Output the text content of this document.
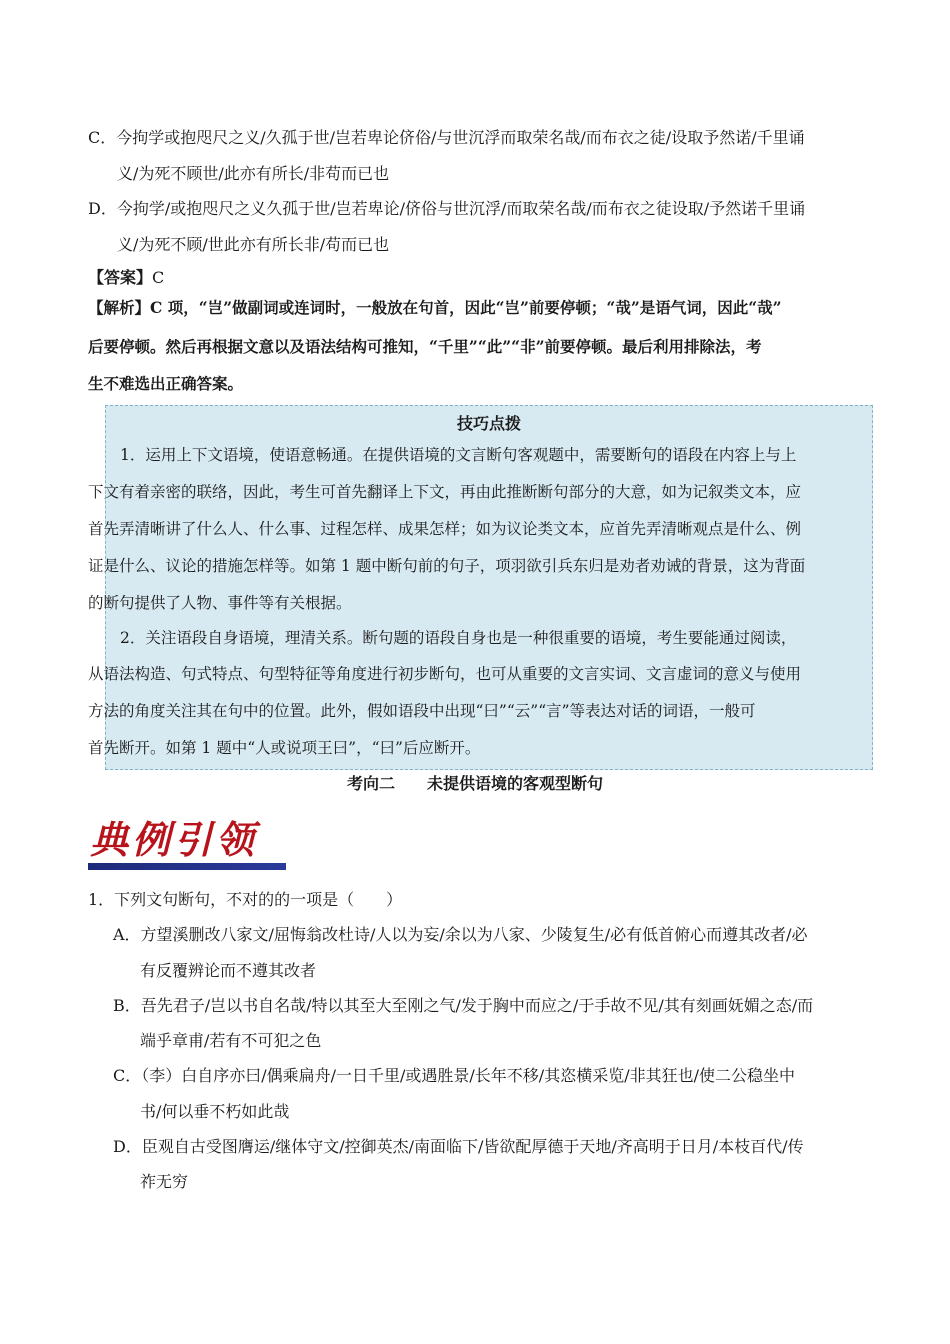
C．今拘学或抱咫尺之义/久孤于世/岂若卑论侪俗/与世沉浮而取荣名哉/而布衣之徒/设取予然诺/千里诵
义/为死不顾世/此亦有所长/非苟而已也
D．今拘学/或抱咫尺之义久孤于世/岂若卑论/侪俗与世沉浮/而取荣名哉/而布衣之徒设取/予然诺千里诵
义/为死不顾/世此亦有所长非/苟而已也
【答案】C
【解析】C 项，“岂”做副词或连词时，一般放在句首，因此“岂”前要停顿；“哉”是语气词，因此“哉”
后要停顿。然后再根据文意以及语法结构可推知，“千里”“此”“非”前要停顿。最后利用排除法，考
生不难选出正确答案。
技巧点拨
1．运用上下文语境，使语意畅通。在提供语境的文言断句客观题中，需要断句的语段在内容上与上
下文有着亲密的联络，因此，考生可首先翻译上下文，再由此推断断句部分的大意，如为记叙类文本，应
首先弄清晰讲了什么人、什么事、过程怎样、成果怎样；如为议论类文本，应首先弄清晰观点是什么、例
证是什么、议论的措施怎样等。如第 1 题中断句前的句子，项羽欲引兵东归是劝者劝诫的背景，这为背面
的断句提供了人物、事件等有关根据。
2．关注语段自身语境，理清关系。断句题的语段自身也是一种很重要的语境，考生要能通过阅读，
从语法构造、句式特点、句型特征等角度进行初步断句，也可从重要的文言实词、文言虚词的意义与使用
方法的角度关注其在句中的位置。此外，假如语段中出现“曰”“云”“言”等表达对话的词语，一般可
首先断开。如第 1 题中“人或说项王曰”，“曰”后应断开。
考向二　　未提供语境的客观型断句
典例引领
1．下列文句断句，不对的的一项是（　　）
A．方望溪删改八家文/屈悔翁改杜诗/人以为妄/余以为八家、少陵复生/必有低首俯心而遵其改者/必
有反覆辨论而不遵其改者
B．吾先君子/岂以书自名哉/特以其至大至刚之气/发于胸中而应之/于手故不见/其有刻画妩媚之态/而
端乎章甫/若有不可犯之色
C．（李）白自序亦曰/偶乘扁舟/一日千里/或遇胜景/长年不移/其恣横采览/非其狂也/使二公稳坐中
书/何以垂不朽如此哉
D．臣观自古受图膺运/继体守文/控御英杰/南面临下/皆欲配厚德于天地/齐高明于日月/本枝百代/传
祚无穷
